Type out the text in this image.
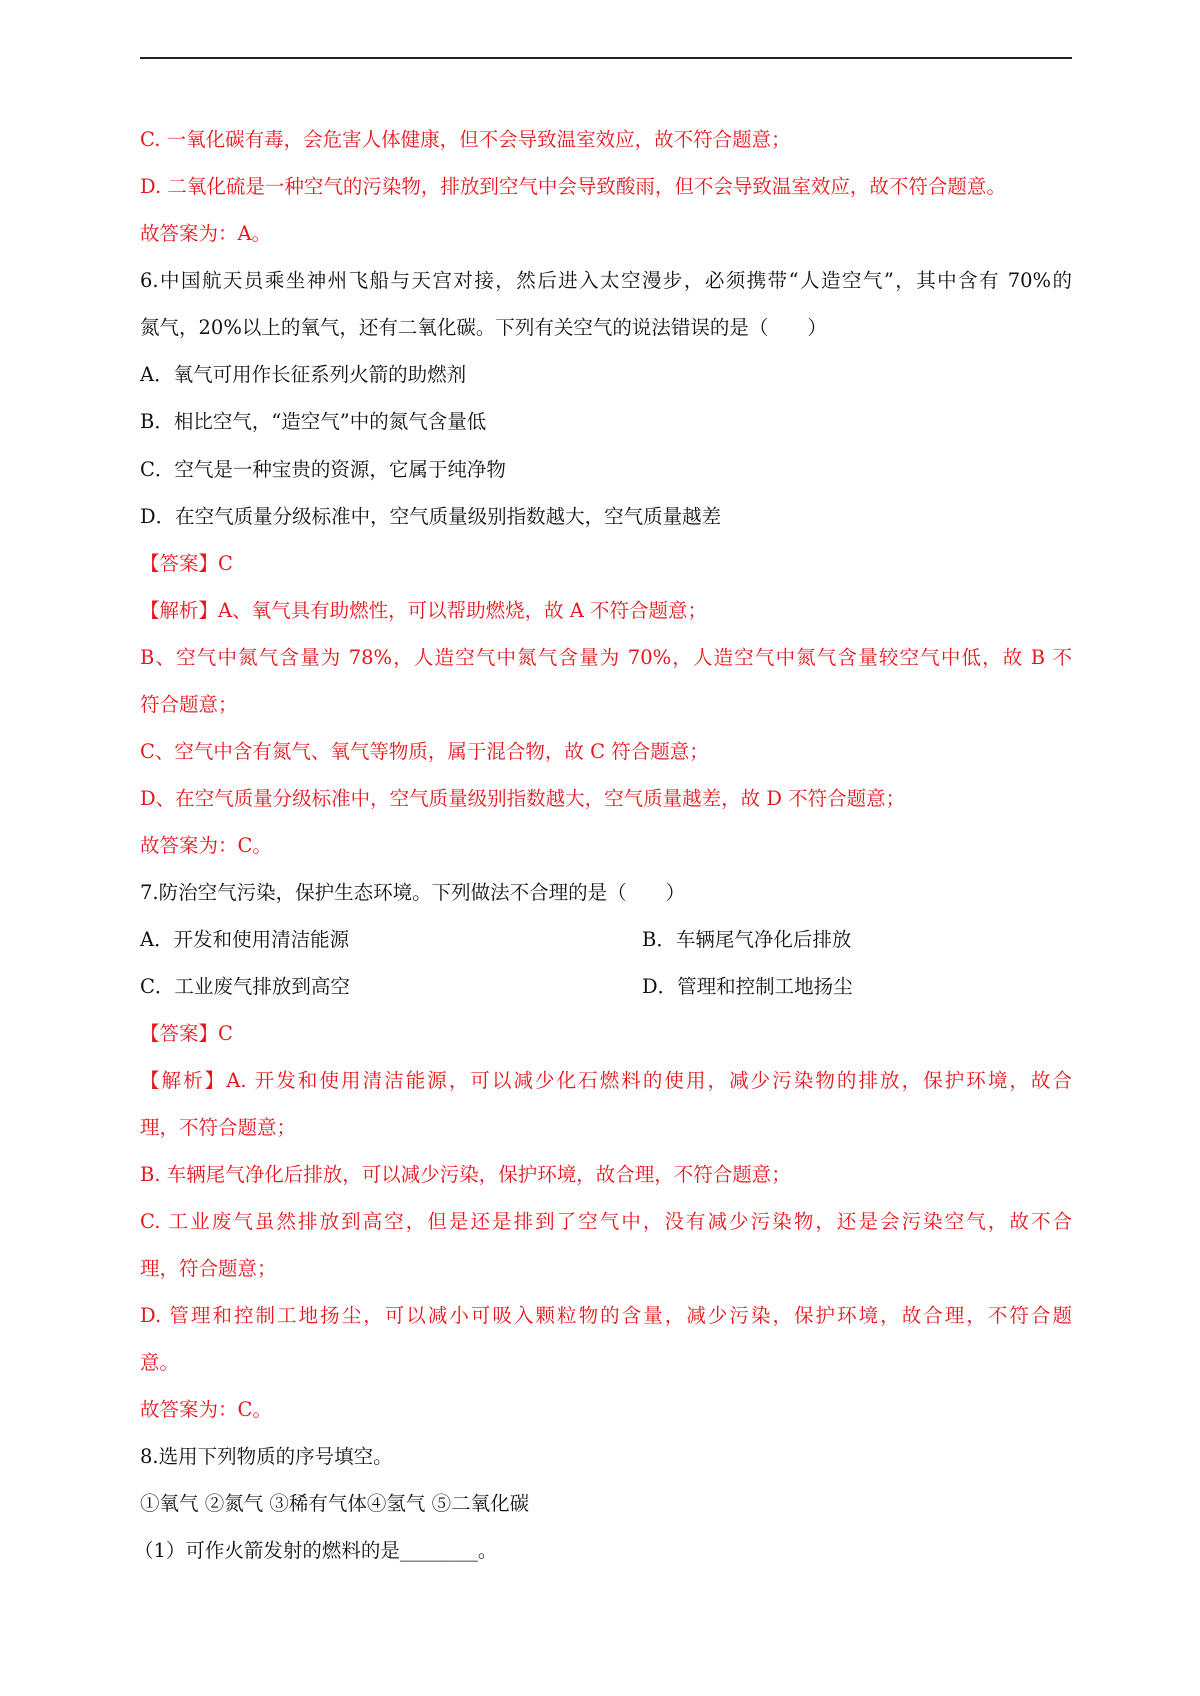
C. 一氧化碳有毒，会危害人体健康，但不会导致温室效应，故不符合题意；
D. 二氧化硫是一种空气的污染物，排放到空气中会导致酸雨，但不会导致温室效应，故不符合题意。
故答案为：A。
6.中国航天员乘坐神州飞船与天宫对接，然后进入太空漫步，必须携带“人造空气”，其中含有 70%的
氮气，20%以上的氧气，还有二氧化碳。下列有关空气的说法错误的是（　　）
A．氧气可用作长征系列火箭的助燃剂
B．相比空气，“造空气”中的氮气含量低
C．空气是一种宝贵的资源，它属于纯净物
D．在空气质量分级标准中，空气质量级别指数越大，空气质量越差
【答案】C
【解析】A、氧气具有助燃性，可以帮助燃烧，故 A 不符合题意；
B、空气中氮气含量为 78%，人造空气中氮气含量为 70%，人造空气中氮气含量较空气中低，故 B 不
符合题意；
C、空气中含有氮气、氧气等物质，属于混合物，故 C 符合题意；
D、在空气质量分级标准中，空气质量级别指数越大，空气质量越差，故 D 不符合题意；
故答案为：C。
7.防治空气污染，保护生态环境。下列做法不合理的是（　　）
A．开发和使用清洁能源	B．车辆尾气净化后排放
C．工业废气排放到高空	D．管理和控制工地扬尘
【答案】C
【解析】A. 开发和使用清洁能源，可以减少化石燃料的使用，减少污染物的排放，保护环境，故合
理，不符合题意；
B. 车辆尾气净化后排放，可以减少污染，保护环境，故合理，不符合题意；
C. 工业废气虽然排放到高空，但是还是排到了空气中，没有减少污染物，还是会污染空气，故不合
理，符合题意；
D. 管理和控制工地扬尘，可以减小可吸入颗粒物的含量，减少污染，保护环境，故合理，不符合题
意。
故答案为：C。
8.选用下列物质的序号填空。
①氧气 ②氮气 ③稀有气体④氢气 ⑤二氧化碳
（1）可作火箭发射的燃料的是________。
